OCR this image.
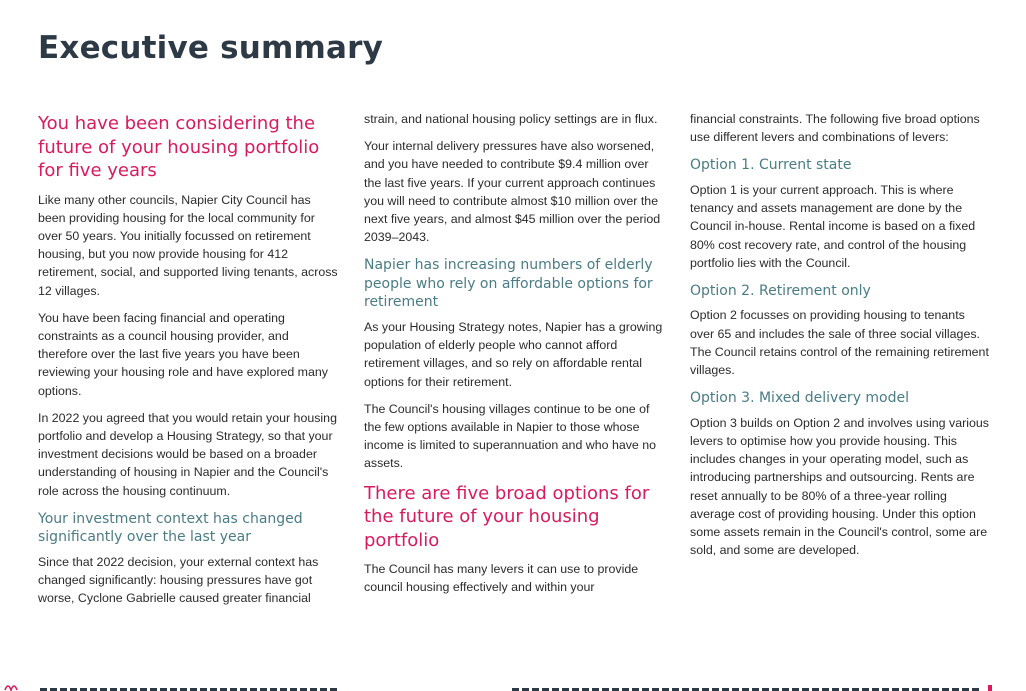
Executive summary
You have been considering the future of your housing portfolio for five years

Like many other councils, Napier City Council has been providing housing for the local community for over 50 years. You initially focussed on retirement housing, but you now provide housing for 412 retirement, social, and supported living tenants, across 12 villages.

You have been facing financial and operating constraints as a council housing provider, and therefore over the last five years you have been reviewing your housing role and have explored many options.

In 2022 you agreed that you would retain your housing portfolio and develop a Housing Strategy, so that your investment decisions would be based on a broader understanding of housing in Napier and the Council's role across the housing continuum.

Your investment context has changed significantly over the last year

Since that 2022 decision, your external context has changed significantly: housing pressures have got worse, Cyclone Gabrielle caused greater financial

strain, and national housing policy settings are in flux.

Your internal delivery pressures have also worsened, and you have needed to contribute $9.4 million over the last five years. If your current approach continues you will need to contribute almost $10 million over the next five years, and almost $45 million over the period 2039–2043.

Napier has increasing numbers of elderly people who rely on affordable options for retirement

As your Housing Strategy notes, Napier has a growing population of elderly people who cannot afford retirement villages, and so rely on affordable rental options for their retirement.

The Council's housing villages continue to be one of the few options available in Napier to those whose income is limited to superannuation and who have no assets.

There are five broad options for the future of your housing portfolio

The Council has many levers it can use to provide council housing effectively and within your

financial constraints. The following five broad options use different levers and combinations of levers:

Option 1. Current state

Option 1 is your current approach. This is where tenancy and assets management are done by the Council in-house. Rental income is based on a fixed 80% cost recovery rate, and control of the housing portfolio lies with the Council.

Option 2. Retirement only

Option 2 focusses on providing housing to tenants over 65 and includes the sale of three social villages. The Council retains control of the remaining retirement villages.

Option 3. Mixed delivery model

Option 3 builds on Option 2 and involves using various levers to optimise how you provide housing. This includes changes in your operating model, such as introducing partnerships and outsourcing. Rents are reset annually to be 80% of a three-year rolling average cost of providing housing. Under this option some assets remain in the Council's control, some are sold, and some are developed.
